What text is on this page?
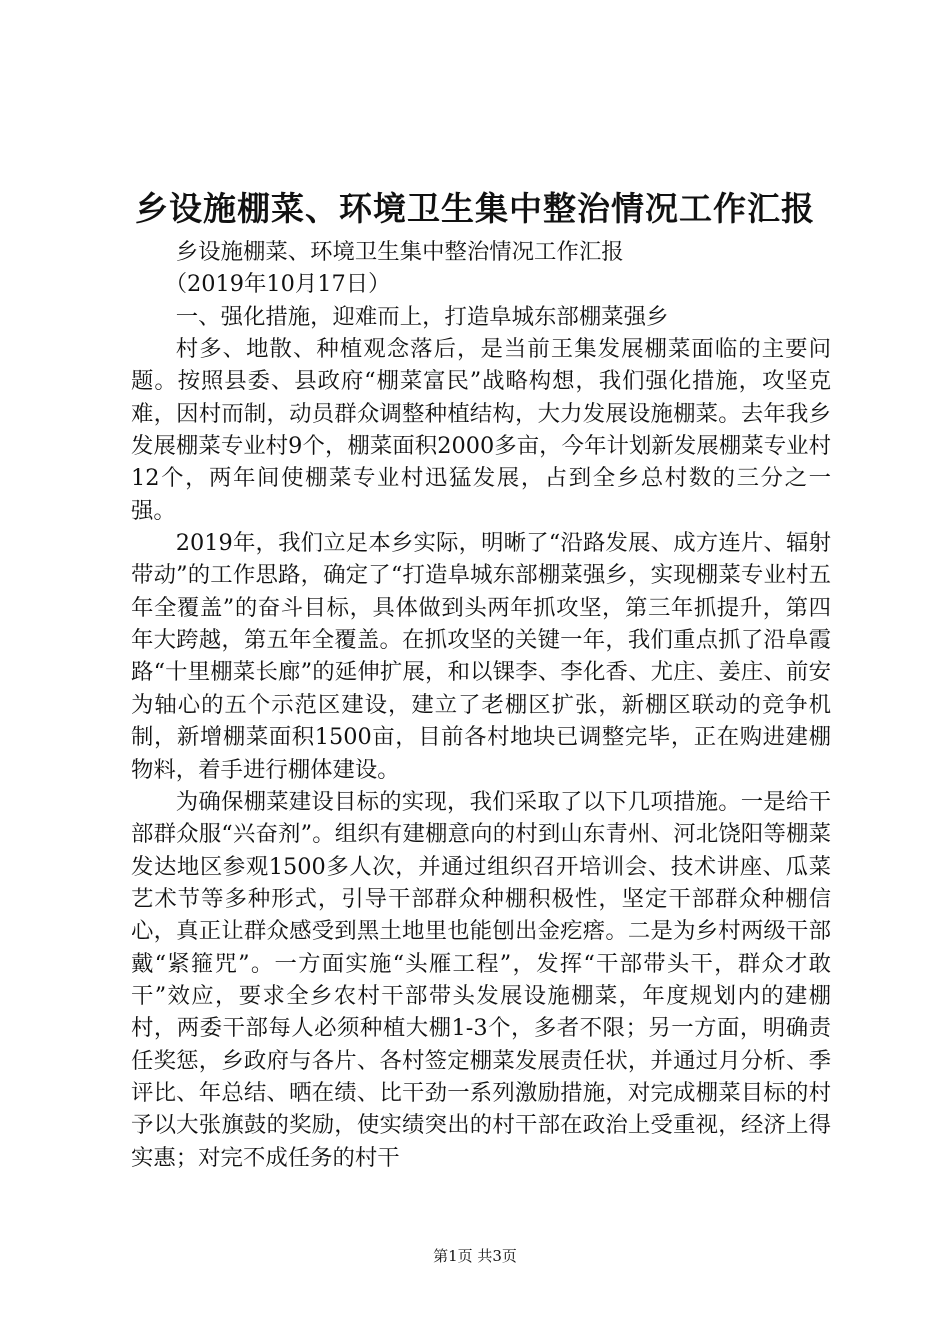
乡设施棚菜、环境卫生集中整治情况工作汇报

乡设施棚菜、环境卫生集中整治情况工作汇报

（2019年10月17日）

一、强化措施，迎难而上，打造阜城东部棚菜强乡

村多、地散、种植观念落后，是当前王集发展棚菜面临的主要问题。按照县委、县政府“棚菜富民”战略构想，我们强化措施，攻坚克难，因村而制，动员群众调整种植结构，大力发展设施棚菜。去年我乡发展棚菜专业村9个，棚菜面积2000多亩，今年计划新发展棚菜专业村12个，两年间使棚菜专业村迅猛发展，占到全乡总村数的三分之一强。

2019年，我们立足本乡实际，明晰了“沿路发展、成方连片、辐射带动”的工作思路，确定了“打造阜城东部棚菜强乡，实现棚菜专业村五年全覆盖”的奋斗目标，具体做到头两年抓攻坚，第三年抓提升，第四年大跨越，第五年全覆盖。在抓攻坚的关键一年，我们重点抓了沿阜霞路“十里棚菜长廊”的延伸扩展，和以锞李、李化香、尤庄、姜庄、前安为轴心的五个示范区建设，建立了老棚区扩张，新棚区联动的竞争机制，新增棚菜面积1500亩，目前各村地块已调整完毕，正在购进建棚物料，着手进行棚体建设。

为确保棚菜建设目标的实现，我们采取了以下几项措施。一是给干部群众服“兴奋剂”。组织有建棚意向的村到山东青州、河北饶阳等棚菜发达地区参观1500多人次，并通过组织召开培训会、技术讲座、瓜菜艺术节等多种形式，引导干部群众种棚积极性，坚定干部群众种棚信心，真正让群众感受到黑土地里也能刨出金疙瘩。二是为乡村两级干部戴“紧箍咒”。一方面实施“头雁工程”，发挥“干部带头干，群众才敢干”效应，要求全乡农村干部带头发展设施棚菜，年度规划内的建棚村，两委干部每人必须种植大棚1-3个，多者不限；另一方面，明确责任奖惩，乡政府与各片、各村签定棚菜发展责任状，并通过月分析、季评比、年总结、晒在绩、比干劲一系列激励措施，对完成棚菜目标的村予以大张旗鼓的奖励，使实绩突出的村干部在政治上受重视，经济上得实惠；对完不成任务的村干

第1页 共3页
